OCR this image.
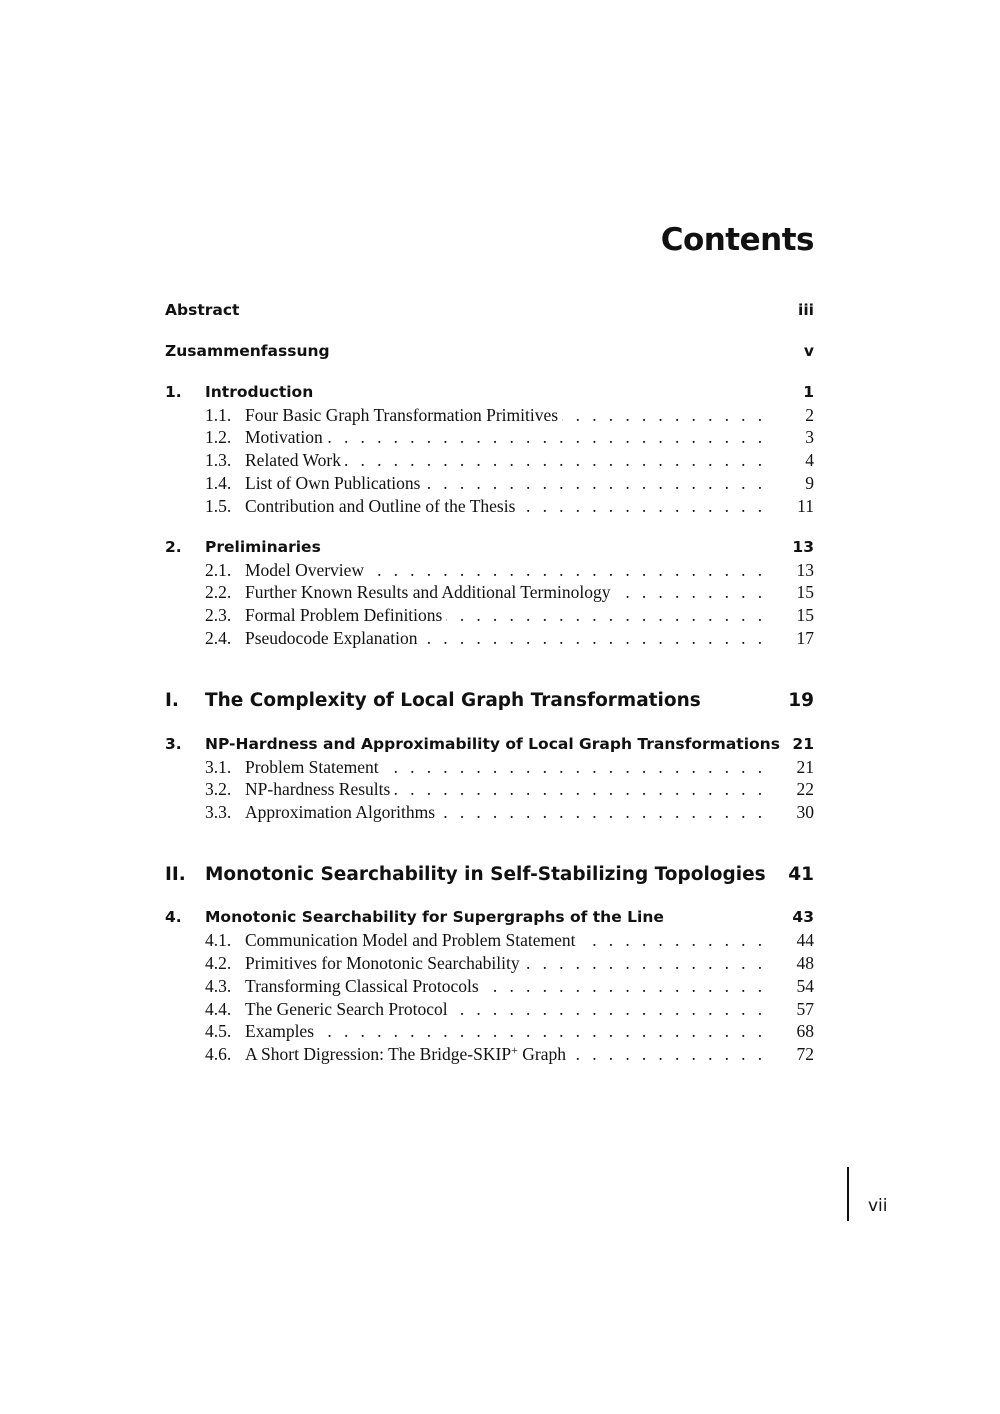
Contents
Abstract	iii
Zusammenfassung	v
1.	Introduction	1
1.1. Four Basic Graph Transformation Primitives . . .	2
1.2. Motivation . . .	3
1.3. Related Work . . .	4
1.4. List of Own Publications . . .	9
1.5. Contribution and Outline of the Thesis . . .	11
2.	Preliminaries	13
2.1. Model Overview . . .	13
2.2. Further Known Results and Additional Terminology . . .	15
2.3. Formal Problem Definitions . . .	15
2.4. Pseudocode Explanation . . .	17
I.	The Complexity of Local Graph Transformations	19
3.	NP-Hardness and Approximability of Local Graph Transformations 21
3.1. Problem Statement . . .	21
3.2. NP-hardness Results . . .	22
3.3. Approximation Algorithms . . .	30
II.	Monotonic Searchability in Self-Stabilizing Topologies 41
4.	Monotonic Searchability for Supergraphs of the Line	43
4.1. Communication Model and Problem Statement . . .	44
4.2. Primitives for Monotonic Searchability . . .	48
4.3. Transforming Classical Protocols . . .	54
4.4. The Generic Search Protocol . . .	57
4.5. Examples . . .	68
4.6. A Short Digression: The Bridge-SKIP+ Graph . . .	72
vii
